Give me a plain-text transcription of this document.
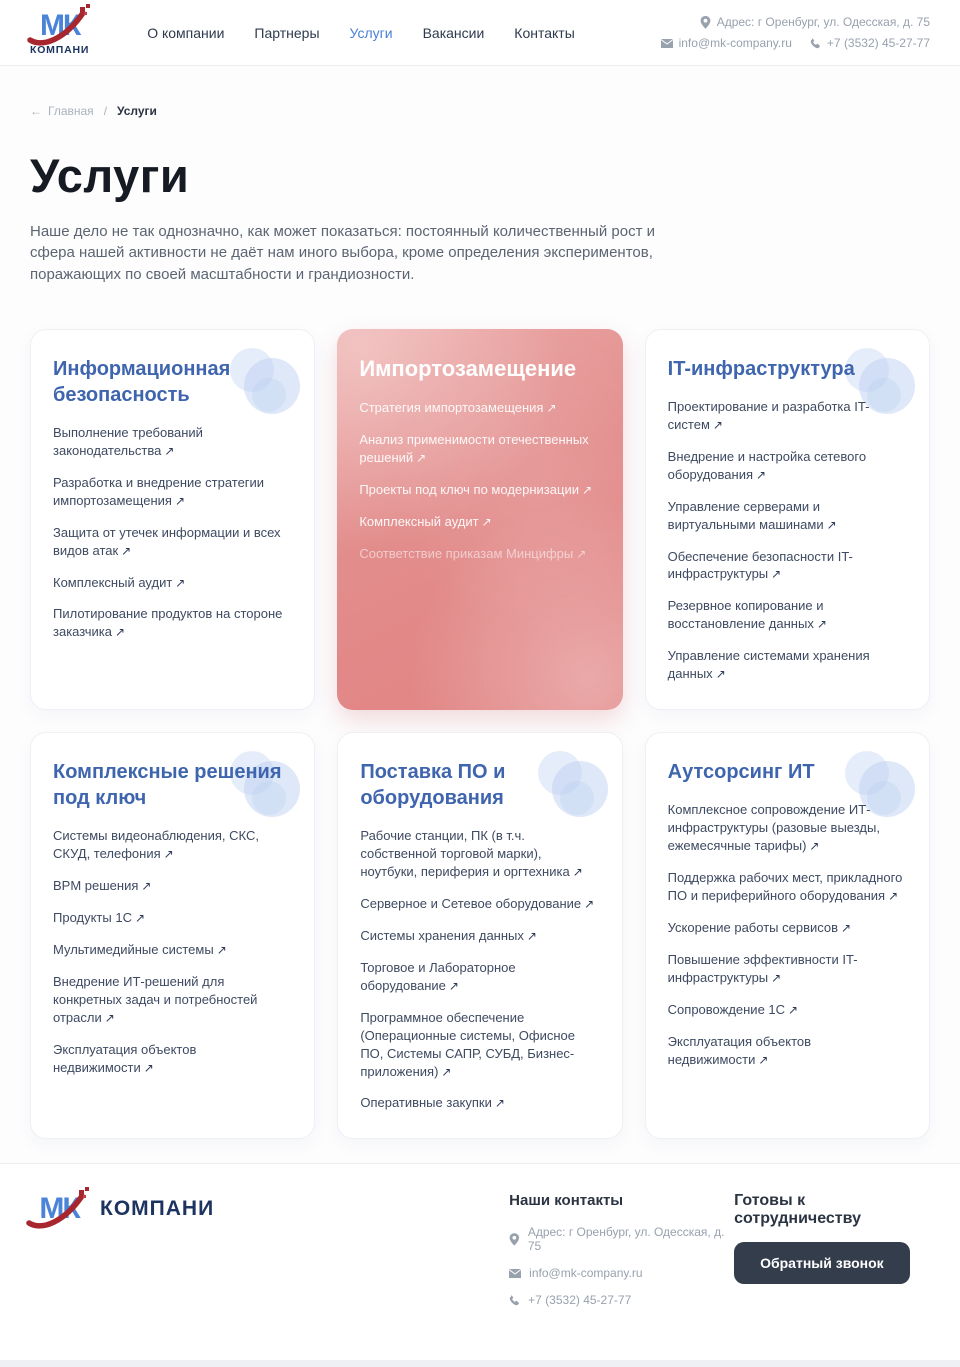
МК
КОМПАНИ
О компании Партнеры Услуги Вакансии Контакты
Адрес: г Оренбург, ул. Одесская, д. 75
info@mk-company.ru	+7 (3532) 45-27-77
← Главная / Услуги
Услуги

Наше дело не так однозначно, как может показаться: постоянный количественный рост и сфера нашей активности не даёт нам иного выбора, кроме определения экспериментов, поражающих по своей масштабности и грандиозности.

Информационная безопасность
Выполнение требований законодательства ↗
Разработка и внедрение стратегии импортозамещения ↗
Защита от утечек информации и всех видов атак ↗
Комплексный аудит ↗
Пилотирование продуктов на стороне заказчика ↗
Импортозамещение
Стратегия импортозамещения ↗
Анализ применимости отечественных решений ↗
Проекты под ключ по модернизации ↗
Комплексный аудит ↗
Соответствие приказам Минцифры ↗
IT-инфраструктура
Проектирование и разработка IT-систем ↗
Внедрение и настройка сетевого оборудования ↗
Управление серверами и виртуальными машинами ↗
Обеспечение безопасности IT-инфраструктуры ↗
Резервное копирование и восстановление данных ↗
Управление системами хранения данных ↗
Комплексные решения под ключ
Системы видеонаблюдения, СКС, СКУД, телефония ↗
BPM решения ↗
Продукты 1С ↗
Мультимедийные системы ↗
Внедрение ИТ-решений для конкретных задач и потребностей отрасли ↗
Эксплуатация объектов недвижимости ↗
Поставка ПО и оборудования
Рабочие станции, ПК (в т.ч. собственной торговой марки), ноутбуки, периферия и оргтехника ↗
Серверное и Сетевое оборудование ↗
Системы хранения данных ↗
Торговое и Лабораторное оборудование ↗
Программное обеспечение (Операционные системы, Офисное ПО, Системы САПР, СУБД, Бизнес-приложения) ↗
Оперативные закупки ↗
Аутсорсинг ИТ
Комплексное сопровождение ИТ-инфраструктуры (разовые выезды, ежемесячные тарифы) ↗
Поддержка рабочих мест, прикладного ПО и периферийного оборудования ↗
Ускорение работы сервисов ↗
Повышение эффективности IT-инфраструктуры ↗
Сопровождение 1С ↗
Эксплуатация объектов недвижимости ↗
МК	КОМПАНИ	Наши контакты
Адрес: г Оренбург, ул. Одесская, д. 75
info@mk-company.ru
+7 (3532) 45-27-77
Готовы к сотрудничеству
Обратный звонок
